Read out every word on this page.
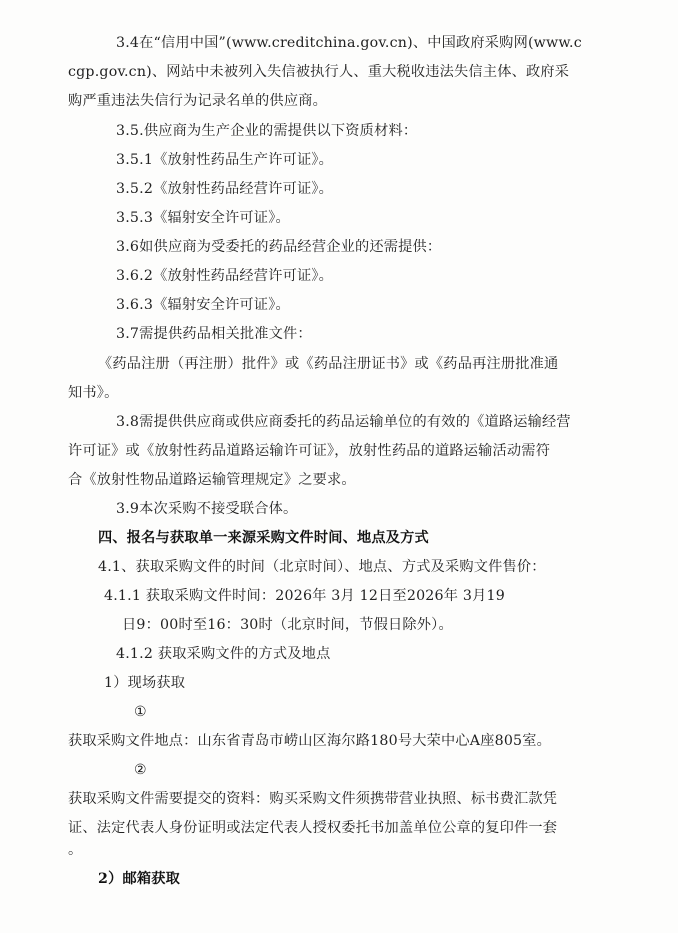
3.4在“信用中国”(www.creditchina.gov.cn)、中国政府采购网(www.c
cgp.gov.cn)、网站中未被列入失信被执行人、重大税收违法失信主体、政府采
购严重违法失信行为记录名单的供应商。
3.5.供应商为生产企业的需提供以下资质材料：
3.5.1《放射性药品生产许可证》。
3.5.2《放射性药品经营许可证》。
3.5.3《辐射安全许可证》。
3.6如供应商为受委托的药品经营企业的还需提供：
3.6.2《放射性药品经营许可证》。
3.6.3《辐射安全许可证》。
3.7需提供药品相关批准文件：
《药品注册（再注册）批件》或《药品注册证书》或《药品再注册批准通
知书》。
3.8需提供供应商或供应商委托的药品运输单位的有效的《道路运输经营
许可证》或《放射性药品道路运输许可证》，放射性药品的道路运输活动需符
合《放射性物品道路运输管理规定》之要求。
3.9本次采购不接受联合体。
四、报名与获取单一来源采购文件时间、地点及方式
4.1、获取采购文件的时间（北京时间）、地点、方式及采购文件售价：
4.1.1 获取采购文件时间：2026年 3月 12日至2026年 3月19
日9：00时至16：30时（北京时间，节假日除外）。
4.1.2 获取采购文件的方式及地点
1）现场获取
①
获取采购文件地点：山东省青岛市崂山区海尔路180号大荣中心A座805室。
②
获取采购文件需要提交的资料：购买采购文件须携带营业执照、标书费汇款凭
证、法定代表人身份证明或法定代表人授权委托书加盖单位公章的复印件一套
。
2）邮箱获取
